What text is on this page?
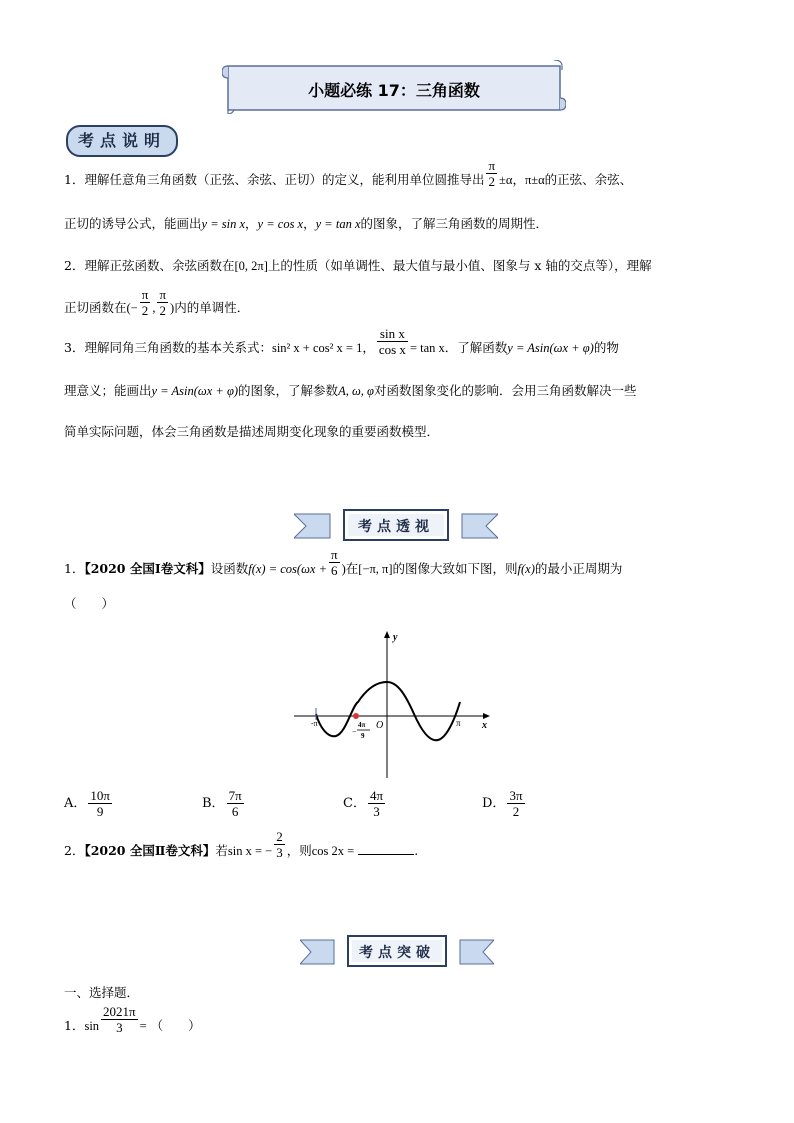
小题必练 17：三角函数
考点说明
1．理解任意角三角函数（正弦、余弦、正切）的定义，能利用单位圆推导出 $\frac{\pi}{2} \pm\alpha$，π±α的正弦、余弦、
正切的诱导公式，能画出y = sin x，y = cos x，y = tan x的图象，了解三角函数的周期性．
2．理解正弦函数、余弦函数在[0, 2π]上的性质（如单调性、最大值与最小值、图象与 x 轴的交点等），理解
正切函数在(− $\frac{\pi}{2}$ , $\frac{\pi}{2}$ )内的单调性．
3．理解同角三角函数的基本关系式：sin² x + cos² x = 1， $\frac{\text{sin x}}{\text{cos x}} = \tan x$．了解函数y = Asin(ωx + φ)的物
理意义；能画出y = Asin(ωx + φ)的图象，了解参数A, ω, φ对函数图象变化的影响．会用三角函数解决一些
简单实际问题，体会三角函数是描述周期变化现象的重要函数模型．
考点透视
1．【2020 全国Ⅰ卷文科】设函数$f(x) = \cos(\omega x + \frac{\pi}{6}$ )在[−π, π]的图像大致如下图，则f(x)的最小正周期为
（　　）
y
x
O
-π	π
−
4π
9
A． $\frac{10\pi}{9}$	B． $\frac{7\pi}{6}$	C． $\frac{4\pi}{3}$	D． $\frac{3\pi}{2}$
2．【2020 全国Ⅱ卷文科】若sin x = − $\frac{2}{3}$ ，则cos 2x =	.
考点突破
一、选择题．
1．$\sin \frac{2021\pi}{3}$ = （　　）
